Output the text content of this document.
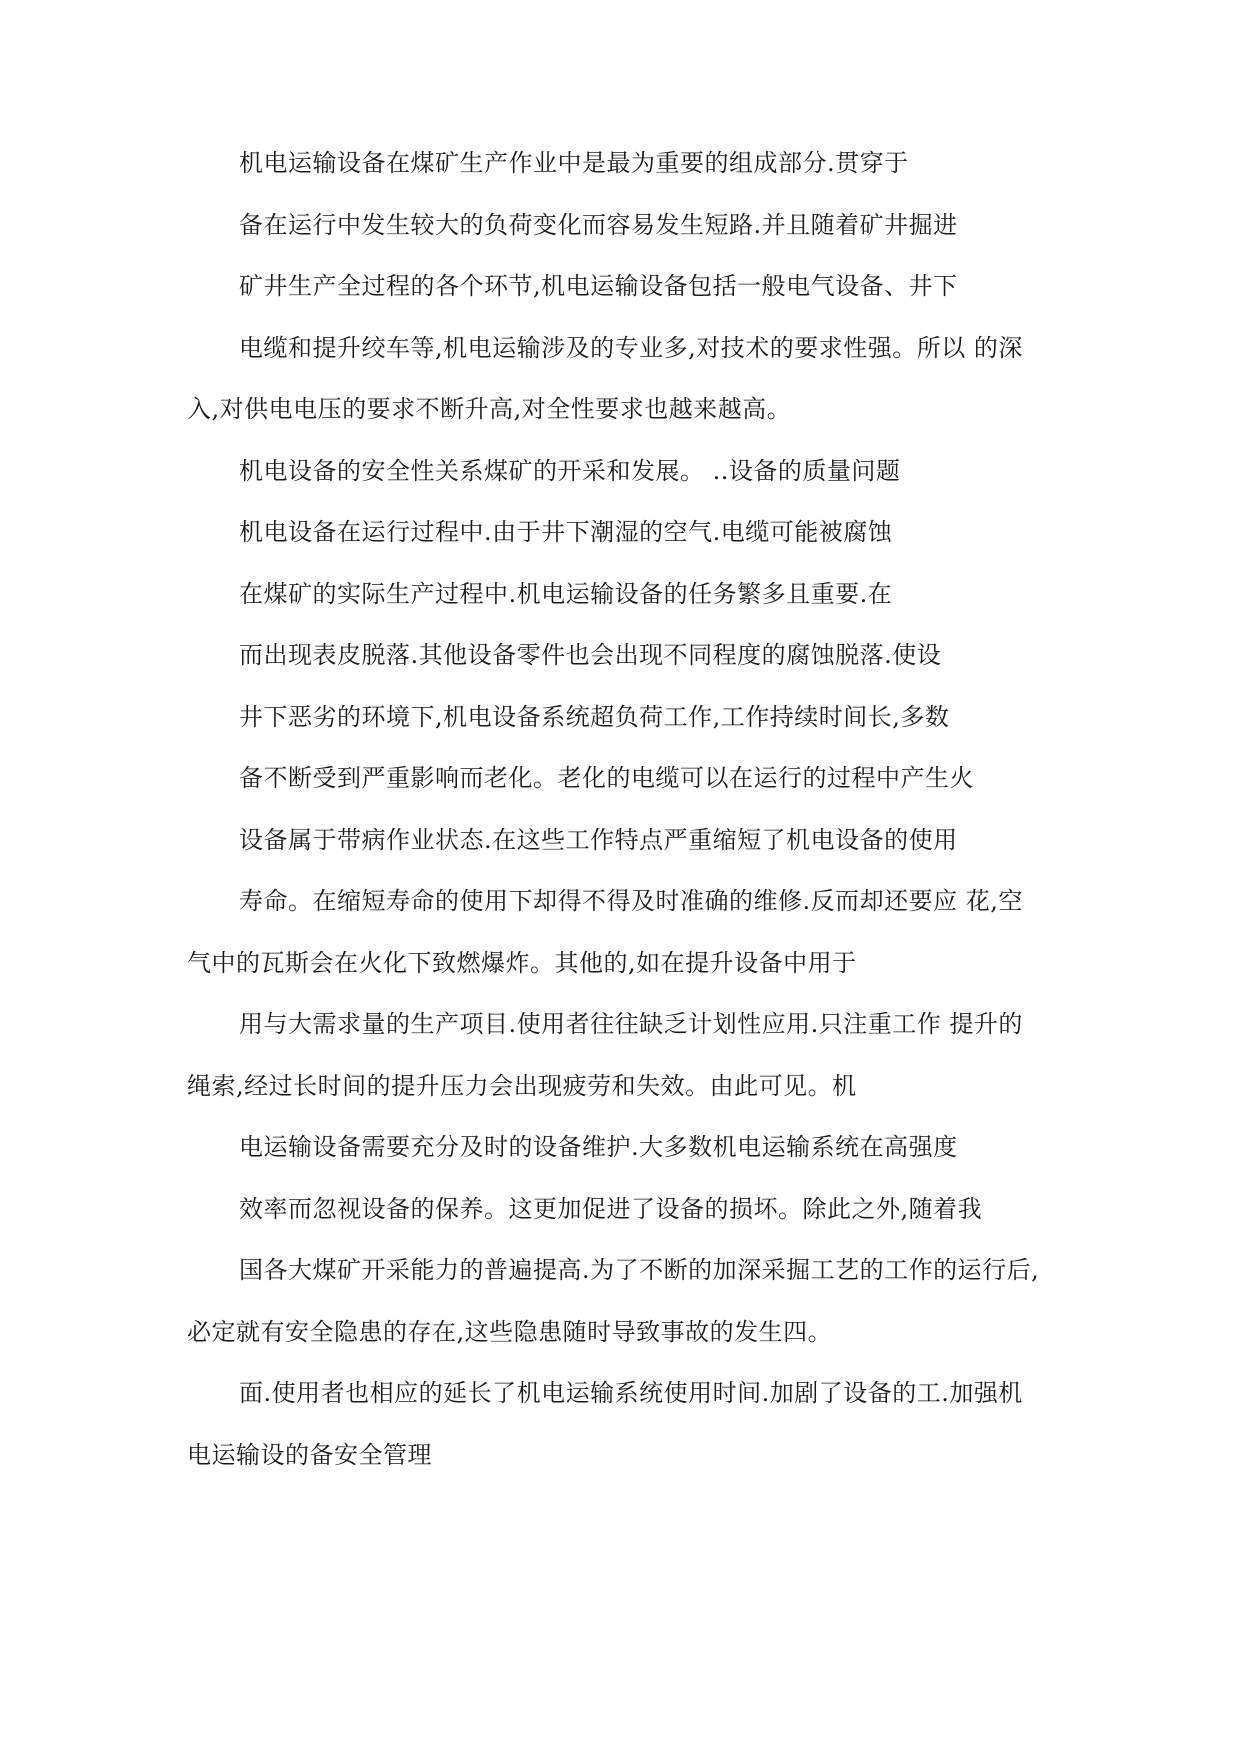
机电运输设备在煤矿生产作业中是最为重要的组成部分.贯穿于
备在运行中发生较大的负荷变化而容易发生短路.并且随着矿井掘进
矿井生产全过程的各个环节,机电运输设备包括一般电气设备、井下
电缆和提升绞车等,机电运输涉及的专业多,对技术的要求性强。所以 的深
入,对供电电压的要求不断升高,对全性要求也越来越高。
机电设备的安全性关系煤矿的开采和发展。 ..设备的质量问题
机电设备在运行过程中.由于井下潮湿的空气.电缆可能被腐蚀
在煤矿的实际生产过程中.机电运输设备的任务繁多且重要.在
而出现表皮脱落.其他设备零件也会出现不同程度的腐蚀脱落.使设
井下恶劣的环境下,机电设备系统超负荷工作,工作持续时间长,多数
备不断受到严重影响而老化。老化的电缆可以在运行的过程中产生火
设备属于带病作业状态.在这些工作特点严重缩短了机电设备的使用
寿命。在缩短寿命的使用下却得不得及时准确的维修.反而却还要应 花,空
气中的瓦斯会在火化下致燃爆炸。其他的,如在提升设备中用于
用与大需求量的生产项目.使用者往往缺乏计划性应用.只注重工作 提升的
绳索,经过长时间的提升压力会出现疲劳和失效。由此可见。机
电运输设备需要充分及时的设备维护.大多数机电运输系统在高强度
效率而忽视设备的保养。这更加促进了设备的损坏。除此之外,随着我
国各大煤矿开采能力的普遍提高.为了不断的加深采掘工艺的工作的运行后,
必定就有安全隐患的存在,这些隐患随时导致事故的发生四。
面.使用者也相应的延长了机电运输系统使用时间.加剧了设备的工.加强机
电运输设的备安全管理
